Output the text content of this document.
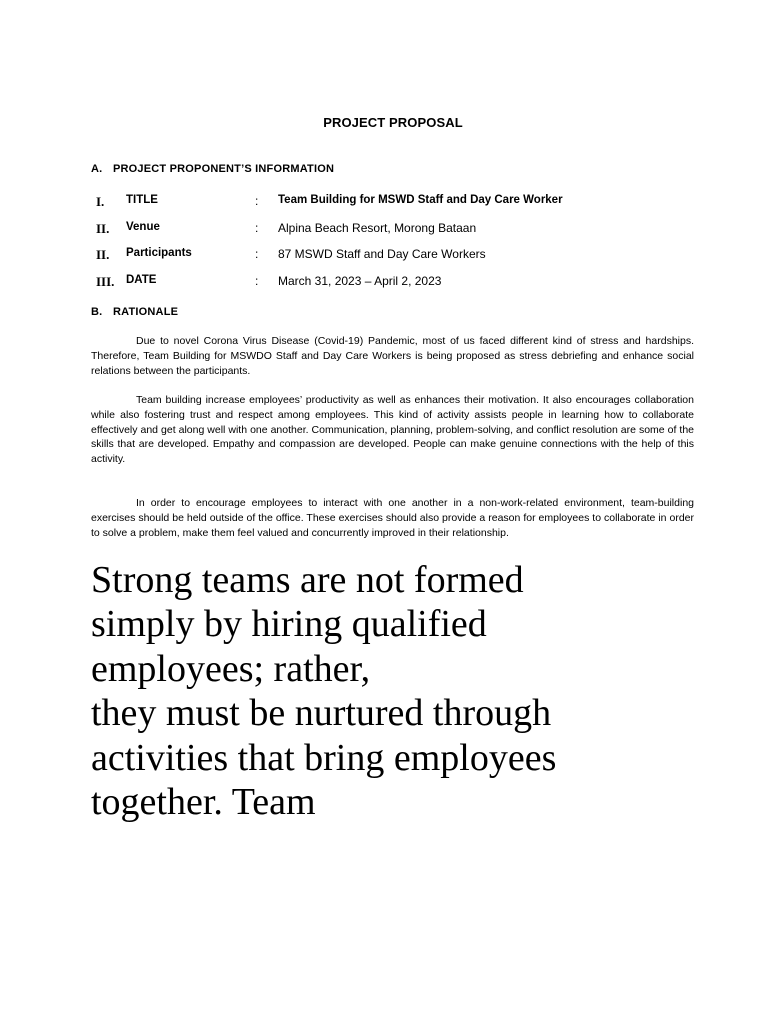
PROJECT PROPOSAL
A. PROJECT PROPONENT’S INFORMATION
I.	TITLE	:	Team Building for MSWD Staff and Day Care Worker
II.	Venue	:	Alpina Beach Resort, Morong Bataan
II.	Participants	:	87 MSWD Staff and Day Care Workers
III.	DATE	:	March 31, 2023 – April 2, 2023
B. RATIONALE

Due to novel Corona Virus Disease (Covid-19) Pandemic, most of us faced different kind of stress and hardships. Therefore, Team Building for MSWDO Staff and Day Care Workers is being proposed as stress debriefing and enhance social relations between the participants.

Team building increase employees’ productivity as well as enhances their motivation. It also encourages collaboration while also fostering trust and respect among employees. This kind of activity assists people in learning how to collaborate effectively and get along well with one another. Communication, planning, problem-solving, and conflict resolution are some of the skills that are developed. Empathy and compassion are developed. People can make genuine connections with the help of this activity.

In order to encourage employees to interact with one another in a non-work-related environment, team-building exercises should be held outside of the office. These exercises should also provide a reason for employees to collaborate in order to solve a problem, make them feel valued and concurrently improved in their relationship.

Strong teams are not formed
simply by hiring qualified
employees; rather,
they must be nurtured through
activities that bring employees
together. Team
